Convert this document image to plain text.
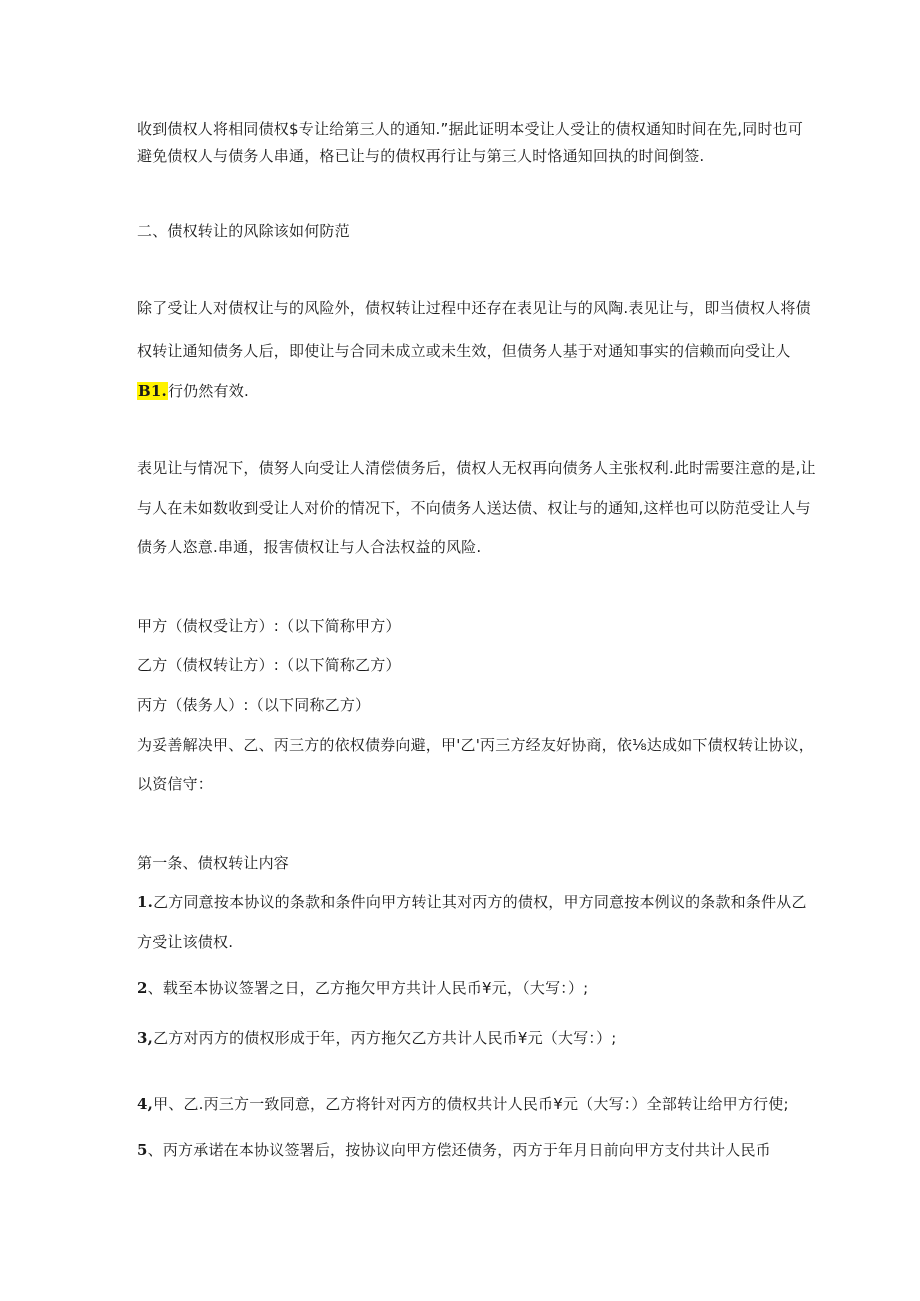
收到债权人将相同债权$专让给第三人的通知.”据此证明本受让人受让的债权通知时间在先,同时也可
避免债权人与债务人串通，格已让与的债权再行让与第三人时恪通知回执的时间倒签.
二、债权转让的风除该如何防范
除了受让人对债权让与的风险外，债权转让过程中还存在表见让与的风陶.表见让与，即当债权人将债
权转让通知债务人后，即使让与合同未成立或未生效，但债务人基于对通知事实的信赖而向受让人
B1.行仍然有效.
表见让与情况下，债努人向受让人清偿债务后，债权人无权再向债务人主张权利.此时需要注意的是,让
与人在未如数收到受让人对价的情况下，不向债务人送达债、权让与的通知,这样也可以防范受让人与
债务人恣意.串通，报害债权让与人合法权益的风险.
甲方（债权受让方）:（以下简称甲方）
乙方（债权转让方）:（以下简称乙方）
丙方（俵务人）:（以下同称乙方）
为妥善解决甲、乙、丙三方的依权债券向避，甲'乙'丙三方经友好协商，依⅛达成如下债权转让协议，
以资信守：
第一条、债权转让内容
1.乙方同意按本协议的条款和条件向甲方转让其对丙方的债权，甲方同意按本例议的条款和条件从乙
方受让该债权.
2、载至本协议签署之日，乙方拖欠甲方共计人民币¥元，（大写：）;
3,乙方对丙方的债权形成于年，丙方拖欠乙方共计人民币¥元（大写：）;
4,甲、乙.丙三方一致同意，乙方将针对丙方的债权共计人民币¥元（大写：）全部转让给甲方行使;
5、丙方承诺在本协议签署后，按协议向甲方偿还债务，丙方于年月日前向甲方支付共计人民币
